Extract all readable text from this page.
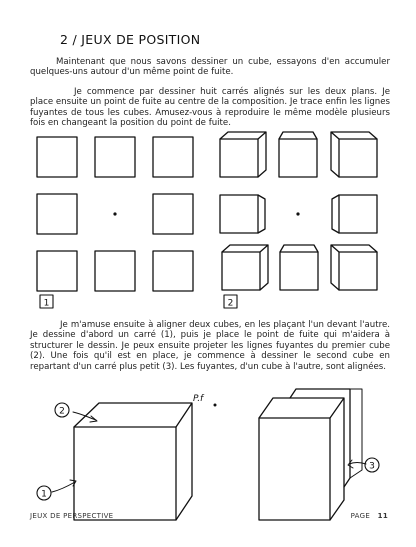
2 / JEUX DE POSITION

Maintenant que nous savons dessiner un cube, essayons d'en accumuler quelques-uns autour d'un même point de fuite.

Je commence par dessiner huit carrés alignés sur les deux plans. Je place ensuite un point de fuite au centre de la composition. Je trace enfin les lignes fuyantes de tous les cubes. Amusez-vous à reproduire le même modèle plusieurs fois en changeant la position du point de fuite.

1	2

Je m'amuse ensuite à aligner deux cubes, en les plaçant l'un devant l'autre. Je dessine d'abord un carré (1), puis je place le point de fuite qui m'aidera à structurer le dessin. Je peux ensuite projeter les lignes fuyantes du premier cube (2). Une fois qu'il est en place, je commence à dessiner le second cube en repartant d'un carré plus petit (3). Les fuyantes, d'un cube à l'autre, sont alignées.

P.f
2
1
3
JEUX DE PERSPECTIVE	PAGE 11
